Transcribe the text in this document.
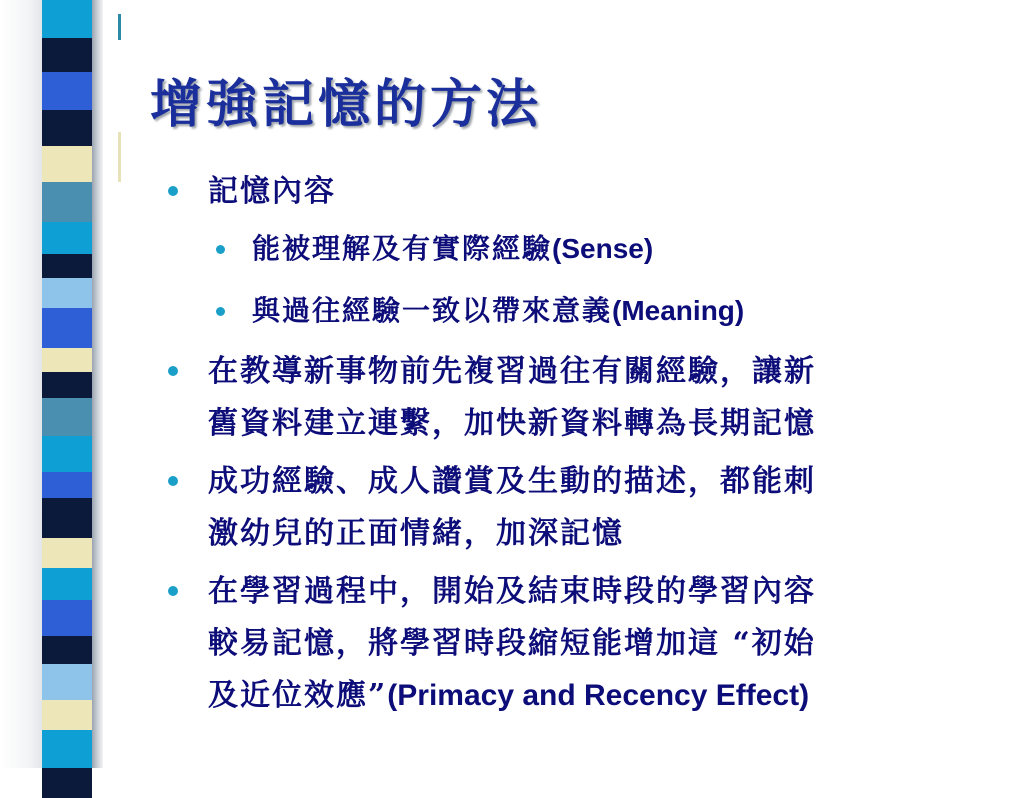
增強記憶的方法
記憶內容
能被理解及有實際經驗(Sense)
與過往經驗一致以帶來意義(Meaning)
在教導新事物前先複習過往有關經驗，讓新
舊資料建立連繫，加快新資料轉為長期記憶
成功經驗、成人讚賞及生動的描述，都能刺
激幼兒的正面情緒，加深記憶
在學習過程中，開始及結束時段的學習內容
較易記憶，將學習時段縮短能增加這 “初始
及近位效應”(Primacy and Recency Effect)
